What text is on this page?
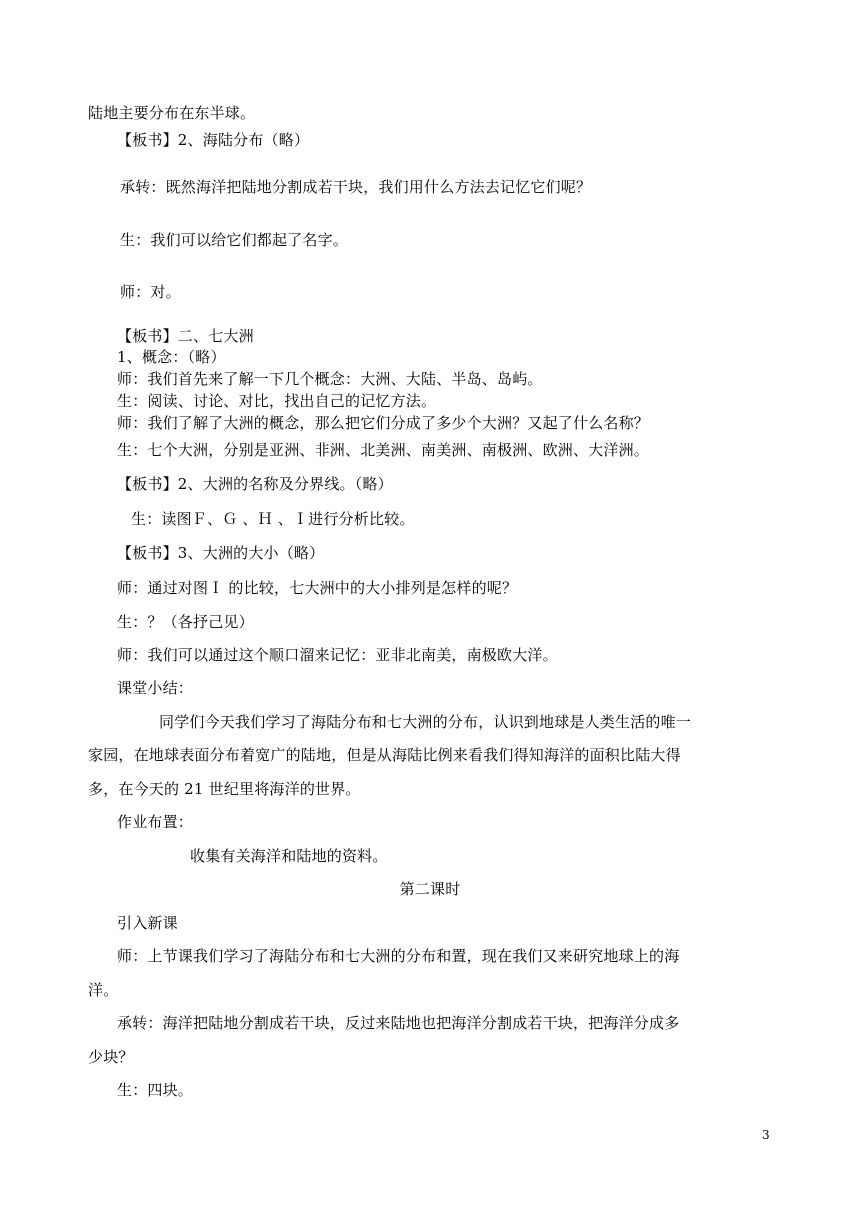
陆地主要分布在东半球。
【板书】2、海陆分布（略）
承转：既然海洋把陆地分割成若干块，我们用什么方法去记忆它们呢？
生：我们可以给它们都起了名字。
师：对。
【板书】二、七大洲
1、概念：（略）
师：我们首先来了解一下几个概念：大洲、大陆、半岛、岛屿。
生：阅读、讨论、对比，找出自己的记忆方法。
师：我们了解了大洲的概念，那么把它们分成了多少个大洲？又起了什么名称？
生：七个大洲，分别是亚洲、非洲、北美洲、南美洲、南极洲、欧洲、大洋洲。
【板书】2、大洲的名称及分界线。（略）
生：读图Ｆ、Ｇ 、Ｈ 、Ｉ进行分析比较。
【板书】3、大洲的大小（略）
师：通过对图Ｉ 的比较，七大洲中的大小排列是怎样的呢？
生：？（各抒己见）
师：我们可以通过这个顺口溜来记忆：亚非北南美，南极欧大洋。
课堂小结：
同学们今天我们学习了海陆分布和七大洲的分布，认识到地球是人类生活的唯一
家园，在地球表面分布着宽广的陆地，但是从海陆比例来看我们得知海洋的面积比陆大得
多，在今天的 21 世纪里将海洋的世界。
作业布置：
收集有关海洋和陆地的资料。
第二课时
引入新课
师：上节课我们学习了海陆分布和七大洲的分布和置，现在我们又来研究地球上的海
洋。
承转：海洋把陆地分割成若干块，反过来陆地也把海洋分割成若干块，把海洋分成多
少块？
生：四块。
3
